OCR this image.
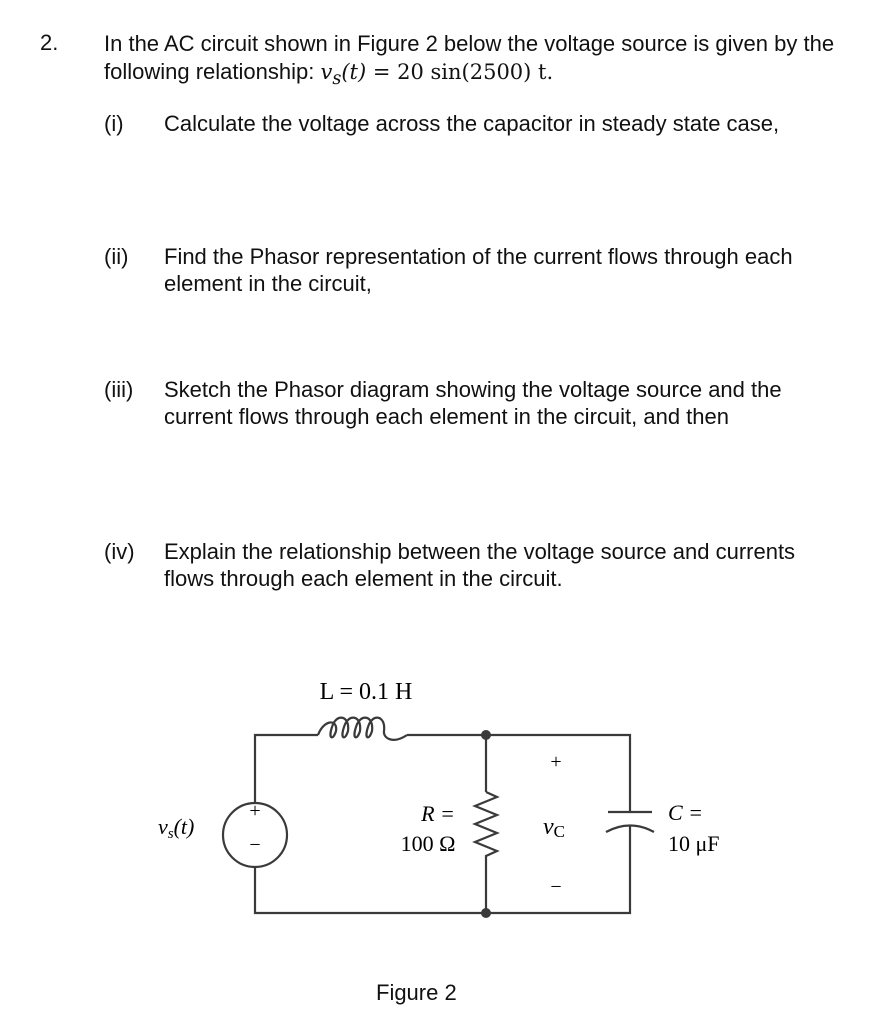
2. In the AC circuit shown in Figure 2 below the voltage source is given by the following relationship: $v_s(t) = 20$ sin(2500) t.
(i) Calculate the voltage across the capacitor in steady state case,
(ii) Find the Phasor representation of the current flows through each element in the circuit,
(iii) Sketch the Phasor diagram showing the voltage source and the current flows through each element in the circuit, and then
(iv) Explain the relationship between the voltage source and currents flows through each element in the circuit.
+
−
L = 0.1 H
R =
100 Ω
vs(t)
+
vC
−
C =
10 μF
Figure 2
